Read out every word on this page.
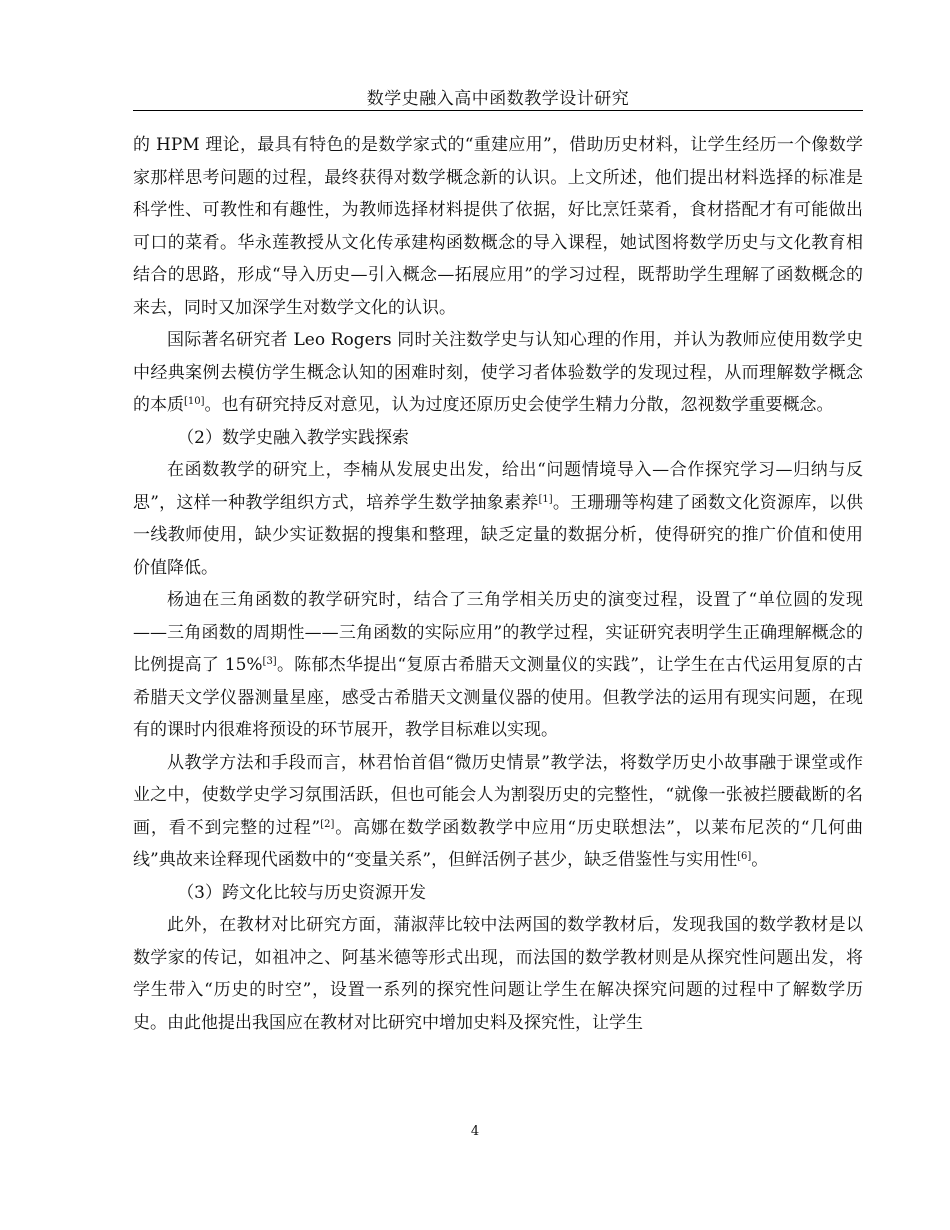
数学史融入高中函数教学设计研究

的 HPM 理论，最具有特色的是数学家式的“重建应用”，借助历史材料，让学生经历一个像数学家那样思考问题的过程，最终获得对数学概念新的认识。上文所述，他们提出材料选择的标准是科学性、可教性和有趣性，为教师选择材料提供了依据，好比烹饪菜肴，食材搭配才有可能做出可口的菜肴。华永莲教授从文化传承建构函数概念的导入课程，她试图将数学历史与文化教育相结合的思路，形成“导入历史—引入概念—拓展应用”的学习过程，既帮助学生理解了函数概念的来去，同时又加深学生对数学文化的认识。

国际著名研究者 Leo Rogers 同时关注数学史与认知心理的作用，并认为教师应使用数学史中经典案例去模仿学生概念认知的困难时刻，使学习者体验数学的发现过程，从而理解数学概念的本质[10]。也有研究持反对意见，认为过度还原历史会使学生精力分散，忽视数学重要概念。

（2）数学史融入教学实践探索

在函数教学的研究上，李楠从发展史出发，给出“问题情境导入—合作探究学习—归纳与反思”，这样一种教学组织方式，培养学生数学抽象素养[1]。王珊珊等构建了函数文化资源库，以供一线教师使用，缺少实证数据的搜集和整理，缺乏定量的数据分析，使得研究的推广价值和使用价值降低。

杨迪在三角函数的教学研究时，结合了三角学相关历史的演变过程，设置了“单位圆的发现——三角函数的周期性——三角函数的实际应用”的教学过程，实证研究表明学生正确理解概念的比例提高了 15%[3]。陈郁杰华提出“复原古希腊天文测量仪的实践”，让学生在古代运用复原的古希腊天文学仪器测量星座，感受古希腊天文测量仪器的使用。但教学法的运用有现实问题，在现有的课时内很难将预设的环节展开，教学目标难以实现。

从教学方法和手段而言，林君怡首倡“微历史情景”教学法，将数学历史小故事融于课堂或作业之中，使数学史学习氛围活跃，但也可能会人为割裂历史的完整性，“就像一张被拦腰截断的名画，看不到完整的过程”[2]。高娜在数学函数教学中应用“历史联想法”，以莱布尼茨的“几何曲线”典故来诠释现代函数中的“变量关系”，但鲜活例子甚少，缺乏借鉴性与实用性[6]。

（3）跨文化比较与历史资源开发

此外，在教材对比研究方面，蒲淑萍比较中法两国的数学教材后，发现我国的数学教材是以数学家的传记，如祖冲之、阿基米德等形式出现，而法国的数学教材则是从探究性问题出发，将学生带入“历史的时空”，设置一系列的探究性问题让学生在解决探究问题的过程中了解数学历史。由此他提出我国应在教材对比研究中增加史料及探究性，让学生

4
